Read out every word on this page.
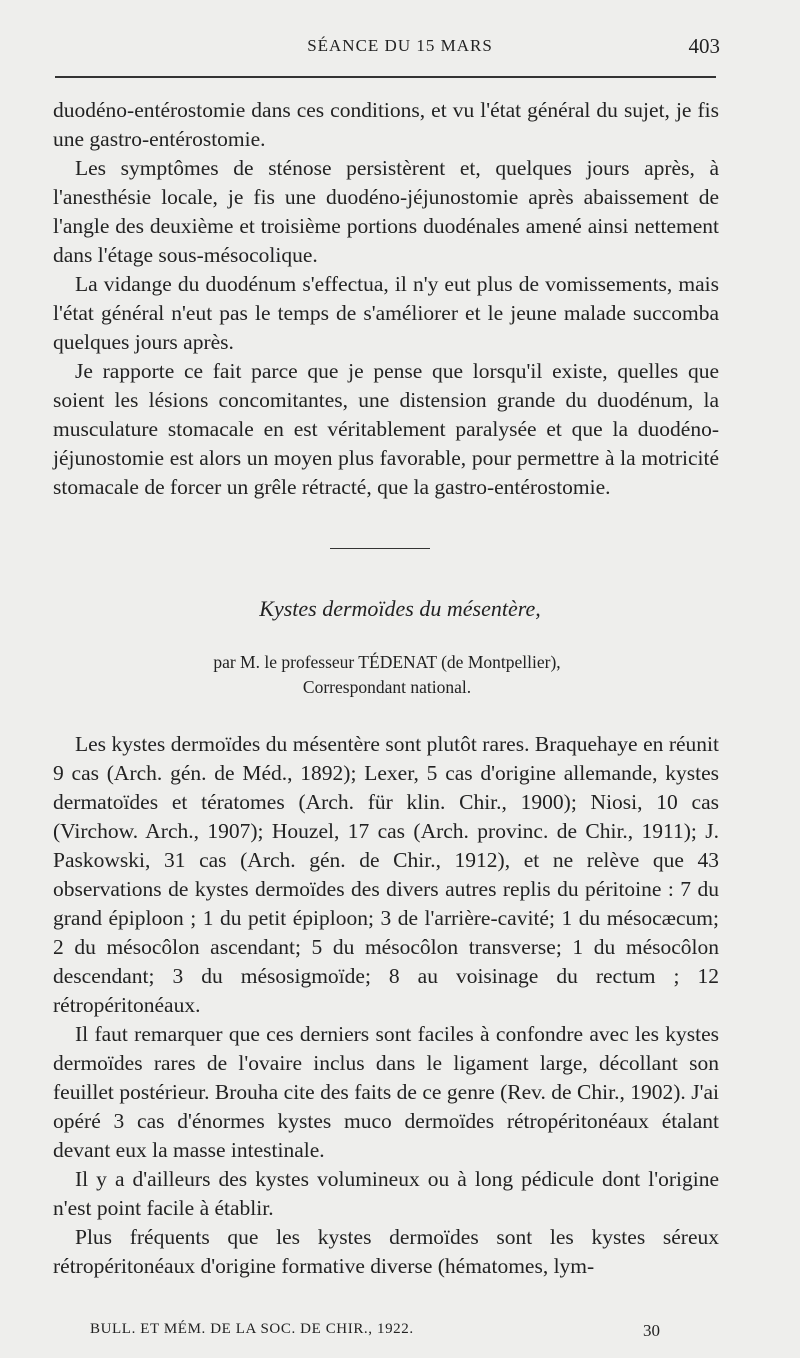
SÉANCE DU 15 MARS	403

duodéno-entérostomie dans ces conditions, et vu l'état général du sujet, je fis une gastro-entérostomie.

Les symptômes de sténose persistèrent et, quelques jours après, à l'anesthésie locale, je fis une duodéno-jéjunostomie après abaissement de l'angle des deuxième et troisième portions duodénales amené ainsi nettement dans l'étage sous-mésocolique.

La vidange du duodénum s'effectua, il n'y eut plus de vomissements, mais l'état général n'eut pas le temps de s'améliorer et le jeune malade succomba quelques jours après.

Je rapporte ce fait parce que je pense que lorsqu'il existe, quelles que soient les lésions concomitantes, une distension grande du duodénum, la musculature stomacale en est véritablement paralysée et que la duodéno-jéjunostomie est alors un moyen plus favorable, pour permettre à la motricité stomacale de forcer un grêle rétracté, que la gastro-entérostomie.

Kystes dermoïdes du mésentère,
par M. le professeur TÉDENAT (de Montpellier),
Correspondant national.

Les kystes dermoïdes du mésentère sont plutôt rares. Braquehaye en réunit 9 cas (Arch. gén. de Méd., 1892); Lexer, 5 cas d'origine allemande, kystes dermatoïdes et tératomes (Arch. für klin. Chir., 1900); Niosi, 10 cas (Virchow. Arch., 1907); Houzel, 17 cas (Arch. provinc. de Chir., 1911); J. Paskowski, 31 cas (Arch. gén. de Chir., 1912), et ne relève que 43 observations de kystes dermoïdes des divers autres replis du péritoine : 7 du grand épiploon ; 1 du petit épiploon; 3 de l'arrière-cavité; 1 du mésocæcum; 2 du mésocôlon ascendant; 5 du mésocôlon transverse; 1 du mésocôlon descendant; 3 du mésosigmoïde; 8 au voisinage du rectum ; 12 rétropéritonéaux.

Il faut remarquer que ces derniers sont faciles à confondre avec les kystes dermoïdes rares de l'ovaire inclus dans le ligament large, décollant son feuillet postérieur. Brouha cite des faits de ce genre (Rev. de Chir., 1902). J'ai opéré 3 cas d'énormes kystes muco dermoïdes rétropéritonéaux étalant devant eux la masse intestinale.

Il y a d'ailleurs des kystes volumineux ou à long pédicule dont l'origine n'est point facile à établir.

Plus fréquents que les kystes dermoïdes sont les kystes séreux rétropéritonéaux d'origine formative diverse (hématomes, lym-

BULL. ET MÉM. DE LA SOC. DE CHIR., 1922.	30
